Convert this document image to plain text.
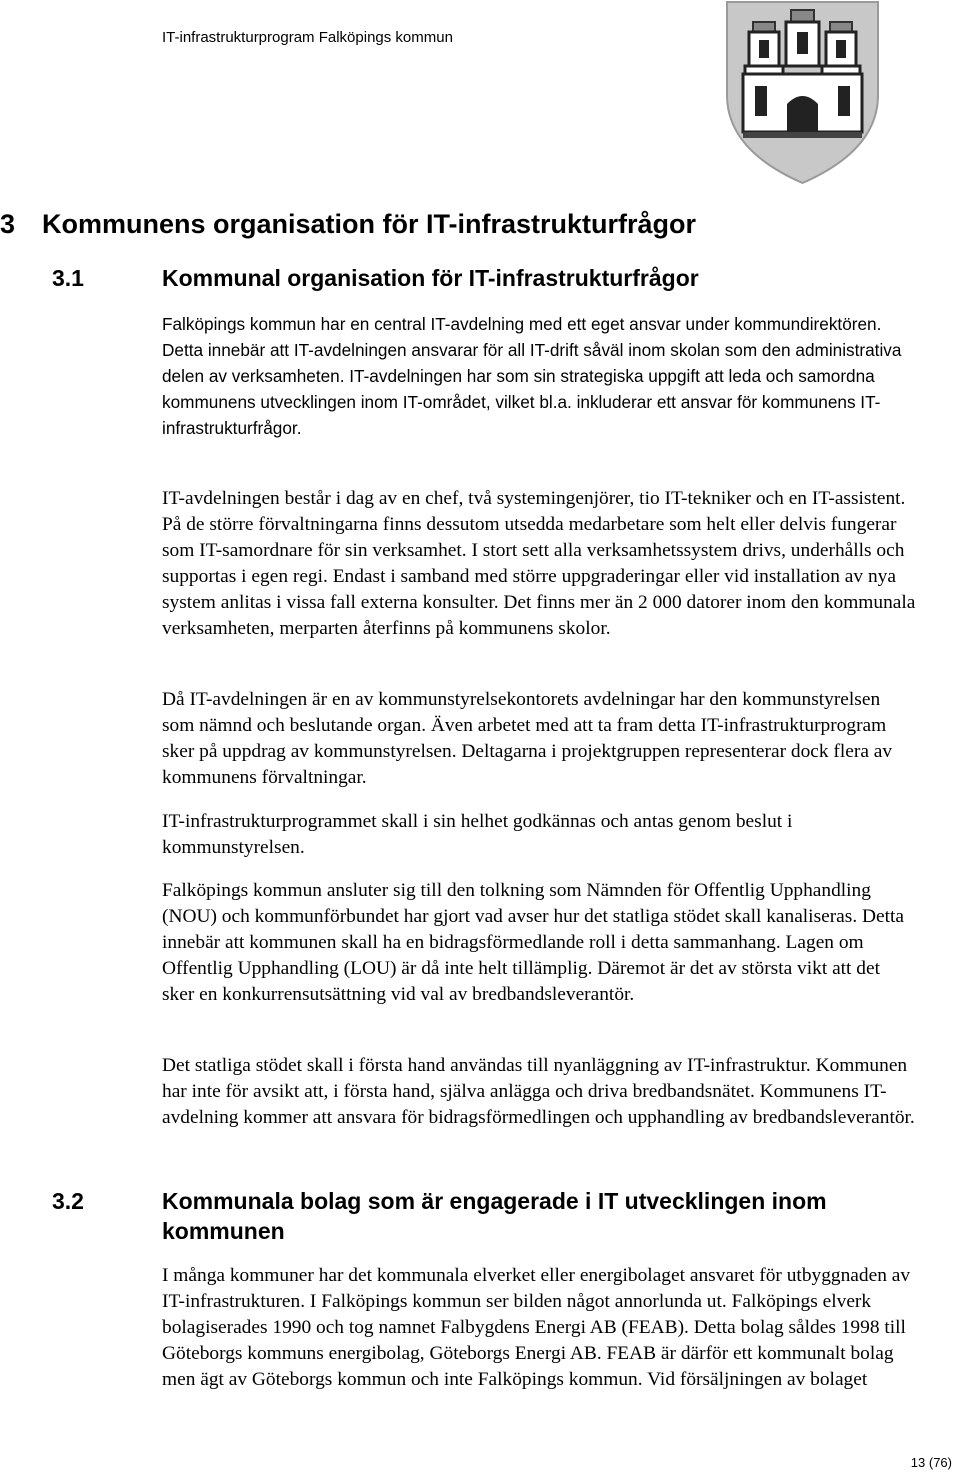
IT-infrastrukturprogram Falköpings kommun
3 Kommunens organisation för IT-infrastrukturfrågor
3.1	Kommunal organisation för IT-infrastrukturfrågor

Falköpings kommun har en central IT-avdelning med ett eget ansvar under kommundirektören. Detta innebär att IT-avdelningen ansvarar för all IT-drift såväl inom skolan som den administrativa delen av verksamheten. IT-avdelningen har som sin strategiska uppgift att leda och samordna kommunens utvecklingen inom IT-området, vilket bl.a. inkluderar ett ansvar för kommunens IT-infrastrukturfrågor.

IT-avdelningen består i dag av en chef, två systemingenjörer, tio IT-tekniker och en IT-assistent. På de större förvaltningarna finns dessutom utsedda medarbetare som helt eller delvis fungerar som IT-samordnare för sin verksamhet. I stort sett alla verksamhetssystem drivs, underhålls och supportas i egen regi. Endast i samband med större uppgraderingar eller vid installation av nya system anlitas i vissa fall externa konsulter. Det finns mer än 2 000 datorer inom den kommunala verksamheten, merparten återfinns på kommunens skolor.

Då IT-avdelningen är en av kommunstyrelsekontorets avdelningar har den kommunstyrelsen som nämnd och beslutande organ. Även arbetet med att ta fram detta IT-infrastrukturprogram sker på uppdrag av kommunstyrelsen. Deltagarna i projektgruppen representerar dock flera av kommunens förvaltningar.

IT-infrastrukturprogrammet skall i sin helhet godkännas och antas genom beslut i kommunstyrelsen.

Falköpings kommun ansluter sig till den tolkning som Nämnden för Offentlig Upphandling (NOU) och kommunförbundet har gjort vad avser hur det statliga stödet skall kanaliseras. Detta innebär att kommunen skall ha en bidragsförmedlande roll i detta sammanhang. Lagen om Offentlig Upphandling (LOU) är då inte helt tillämplig. Däremot är det av största vikt att det sker en konkurrensutsättning vid val av bredbandsleverantör.

Det statliga stödet skall i första hand användas till nyanläggning av IT-infrastruktur. Kommunen har inte för avsikt att, i första hand, själva anlägga och driva bredbandsnätet. Kommunens IT-avdelning kommer att ansvara för bidragsförmedlingen och upphandling av bredbandsleverantör.

3.2	Kommunala bolag som är engagerade i IT utvecklingen inom kommunen

I många kommuner har det kommunala elverket eller energibolaget ansvaret för utbyggnaden av IT-infrastrukturen. I Falköpings kommun ser bilden något annorlunda ut. Falköpings elverk bolagiserades 1990 och tog namnet Falbygdens Energi AB (FEAB). Detta bolag såldes 1998 till Göteborgs kommuns energibolag, Göteborgs Energi AB. FEAB är därför ett kommunalt bolag men ägt av Göteborgs kommun och inte Falköpings kommun. Vid försäljningen av bolaget

13 (76)
